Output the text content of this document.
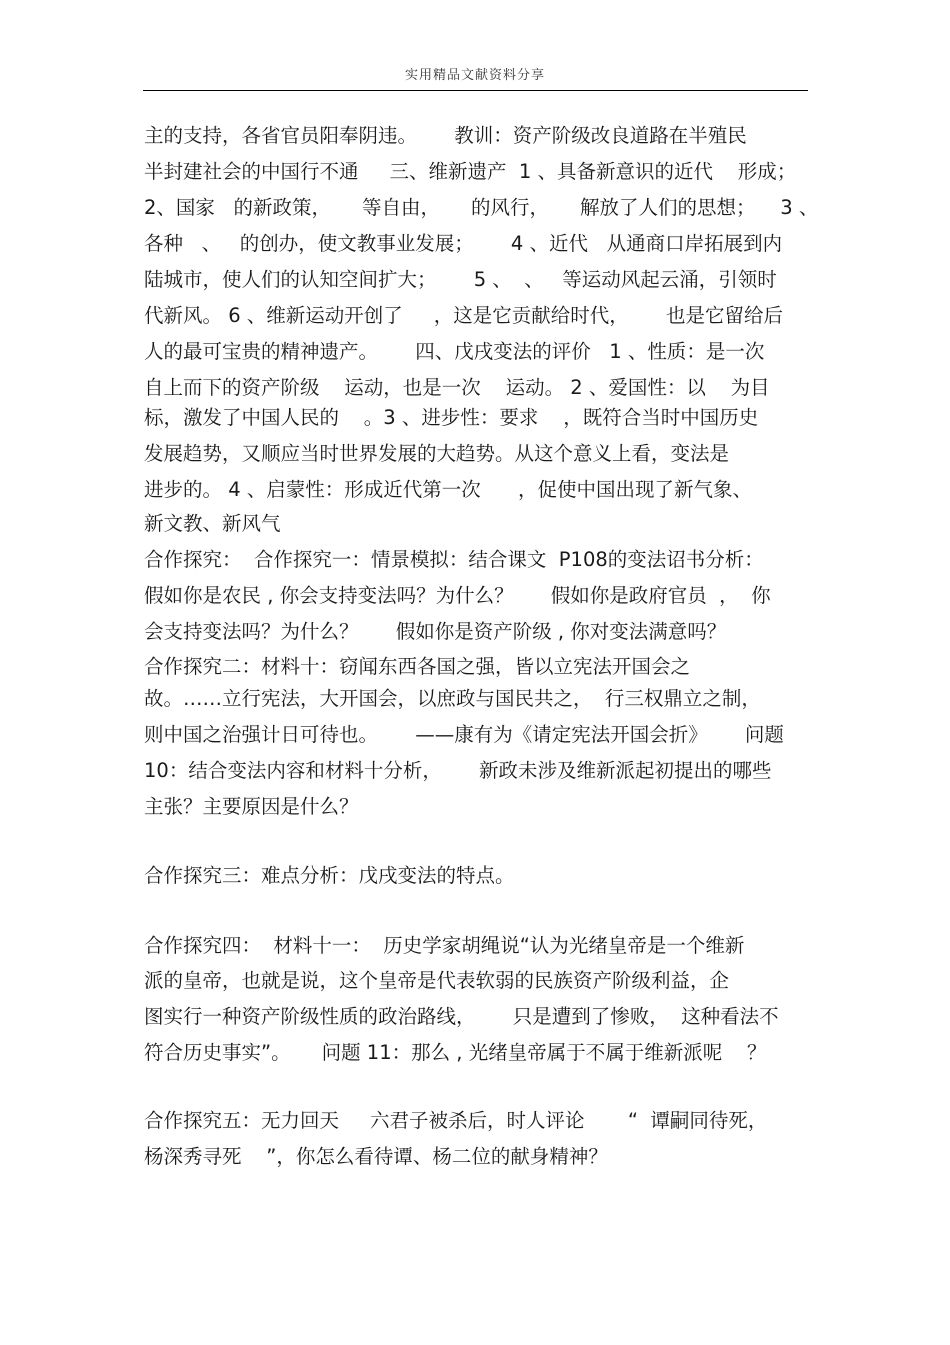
实用精品文献资料分享
主的支持，各省官员阳奉阴违。      教训：资产阶级改良道路在半殖民
半封建社会的中国行不通     三、维新遗产  1 、具备新意识的近代    形成；
2、国家   的新政策，     等自由，     的风行，     解放了人们的思想；    3 、
各种   、   的创办，使文教事业发展；      4 、近代   从通商口岸拓展到内
陆城市，使人们的认知空间扩大；      5 、  、   等运动风起云涌，引领时
代新风。 6 、维新运动开创了     ，这是它贡献给时代，      也是它留给后
人的最可宝贵的精神遗产。      四、戊戌变法的评价   1 、性质：是一次
自上而下的资产阶级    运动，也是一次    运动。 2 、爱国性：以    为目
标，激发了中国人民的    。3 、进步性：要求    ，既符合当时中国历史
发展趋势，又顺应当时世界发展的大趋势。从这个意义上看，变法是
进步的。 4 、启蒙性：形成近代第一次      ，促使中国出现了新气象、
新文教、新风气
合作探究：  合作探究一：情景模拟：结合课文  P108的变法诏书分析：
假如你是农民 , 你会支持变法吗？为什么？      假如你是政府官员  ，  你
会支持变法吗？为什么？      假如你是资产阶级 , 你对变法满意吗？
合作探究二：材料十：窃闻东西各国之强，皆以立宪法开国会之
故。……立行宪法，大开国会，以庶政与国民共之，  行三权鼎立之制，
则中国之治强计日可待也。      ——康有为《请定宪法开国会折》      问题
10：结合变法内容和材料十分析，      新政未涉及维新派起初提出的哪些
主张？主要原因是什么？
合作探究三：难点分析：戊戌变法的特点。
合作探究四：  材料十一：  历史学家胡绳说“认为光绪皇帝是一个维新
派的皇帝，也就是说，这个皇帝是代表软弱的民族资产阶级利益，企
图实行一种资产阶级性质的政治路线，      只是遭到了惨败，  这种看法不
符合历史事实”。     问题 11：那么 , 光绪皇帝属于不属于维新派呢    ？
合作探究五：无力回天     六君子被杀后，时人评论       “  谭嗣同待死，
杨深秀寻死    ”，你怎么看待谭、杨二位的献身精神？
